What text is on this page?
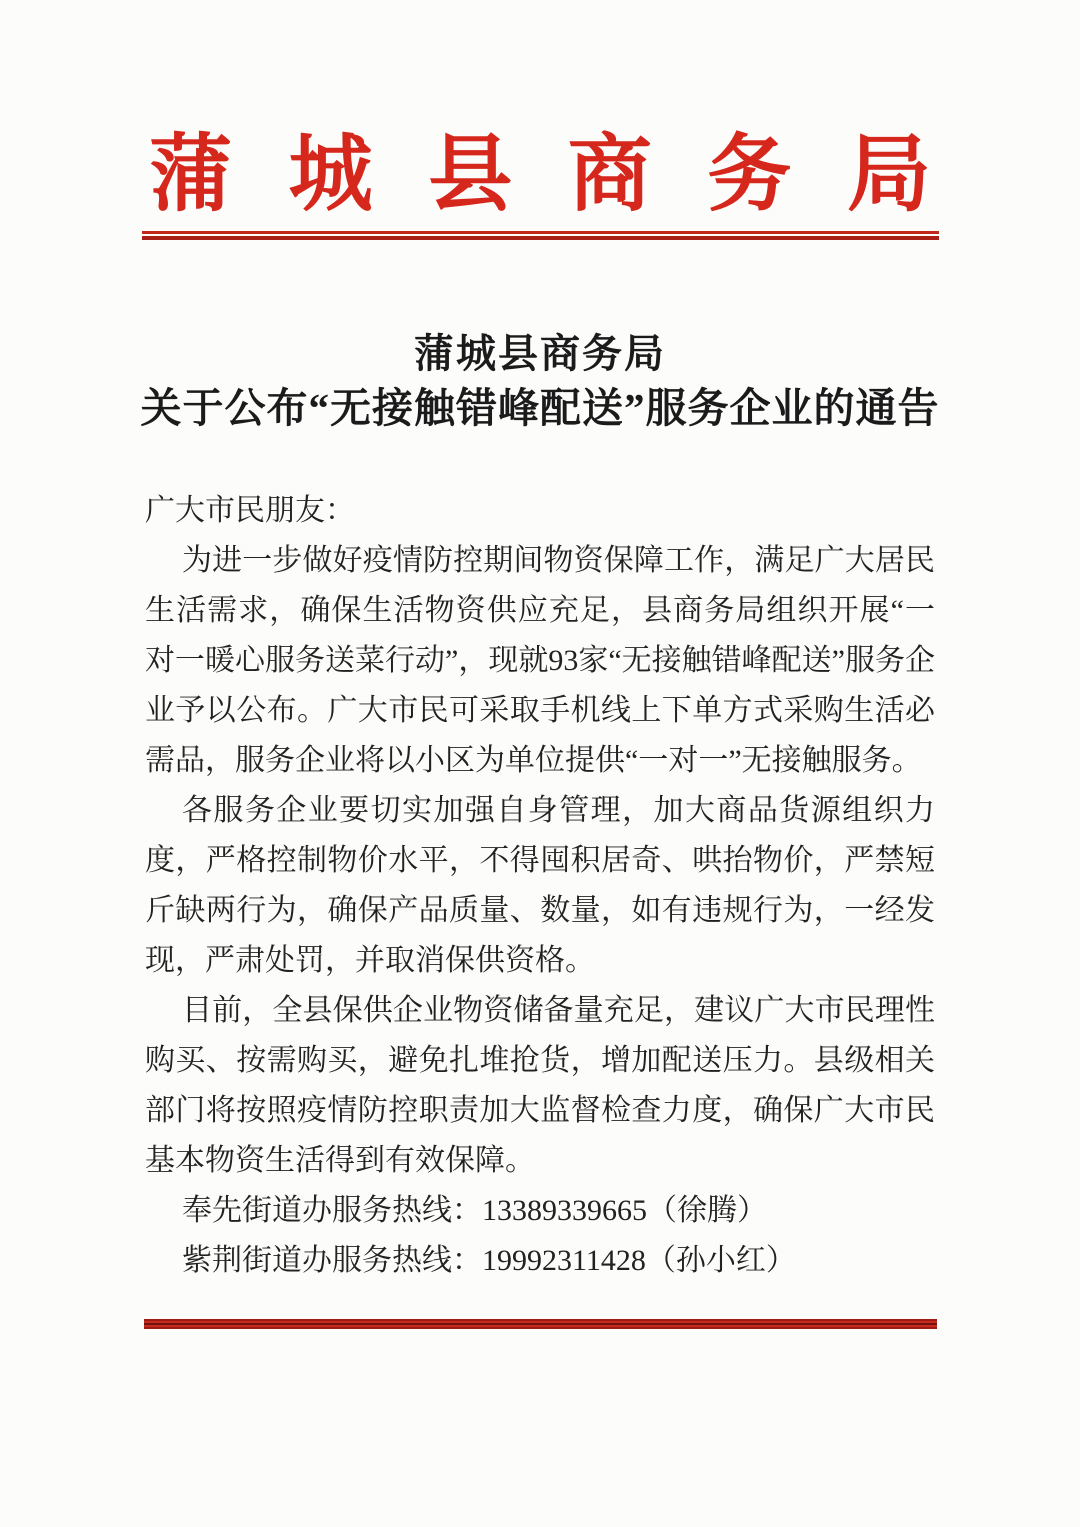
蒲城县商务局
蒲城县商务局
关于公布“无接触错峰配送”服务企业的通告

广大市民朋友：

为进一步做好疫情防控期间物资保障工作，满足广大居民生活需求，确保生活物资供应充足，县商务局组织开展“一对一暖心服务送菜行动”，现就93家“无接触错峰配送”服务企业予以公布。广大市民可采取手机线上下单方式采购生活必需品，服务企业将以小区为单位提供“一对一”无接触服务。

各服务企业要切实加强自身管理，加大商品货源组织力度，严格控制物价水平，不得囤积居奇、哄抬物价，严禁短斤缺两行为，确保产品质量、数量，如有违规行为，一经发现，严肃处罚，并取消保供资格。

目前，全县保供企业物资储备量充足，建议广大市民理性购买、按需购买，避免扎堆抢货，增加配送压力。县级相关部门将按照疫情防控职责加大监督检查力度，确保广大市民基本物资生活得到有效保障。

奉先街道办服务热线：13389339665（徐腾）

紫荆街道办服务热线：19992311428（孙小红）
